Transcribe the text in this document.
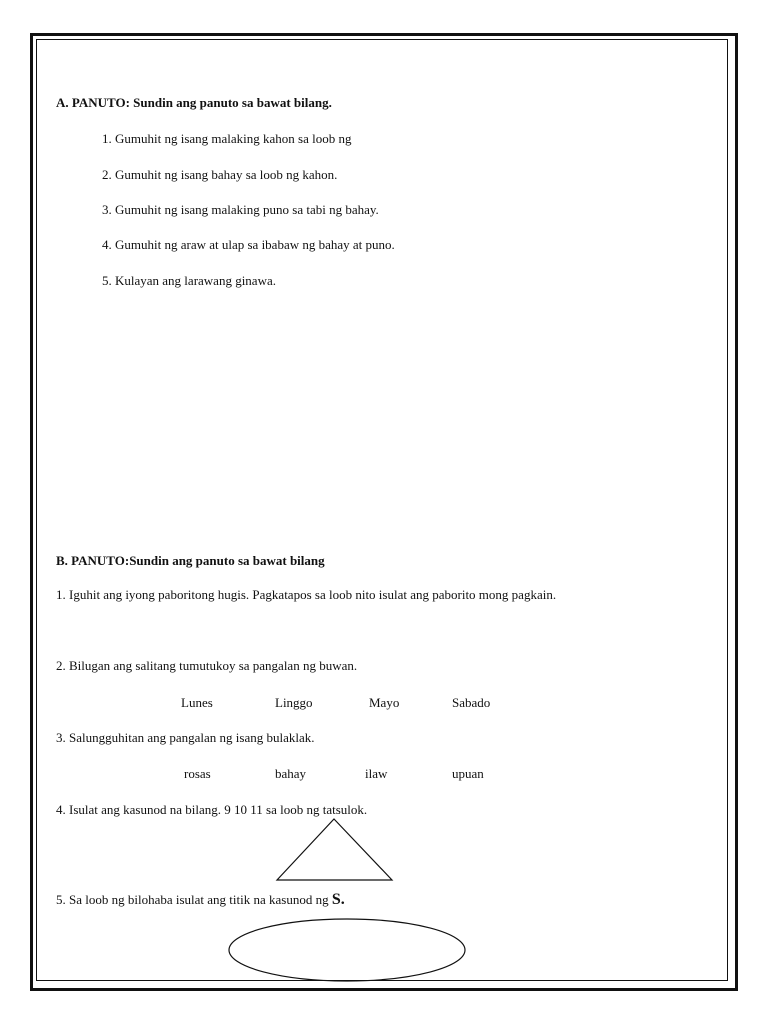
A. PANUTO: Sundin ang panuto sa bawat bilang.
1. Gumuhit ng isang malaking kahon sa loob ng
2. Gumuhit ng isang bahay sa loob ng kahon.
3. Gumuhit ng isang malaking puno sa tabi ng bahay.
4. Gumuhit ng araw at ulap sa ibabaw ng bahay at puno.
5. Kulayan ang larawang ginawa.
B. PANUTO:Sundin ang panuto sa bawat bilang
1. Iguhit ang iyong paboritong hugis. Pagkatapos sa loob nito isulat ang paborito mong pagkain.
2. Bilugan ang salitang tumutukoy sa pangalan ng buwan.
Lunes	Linggo	Mayo	Sabado
3. Salungguhitan ang pangalan ng isang bulaklak.
rosas	bahay	ilaw	upuan
4. Isulat ang kasunod na bilang. 9 10 11 sa loob ng tatsulok.
5. Sa loob ng bilohaba isulat ang titik na kasunod ng S.
